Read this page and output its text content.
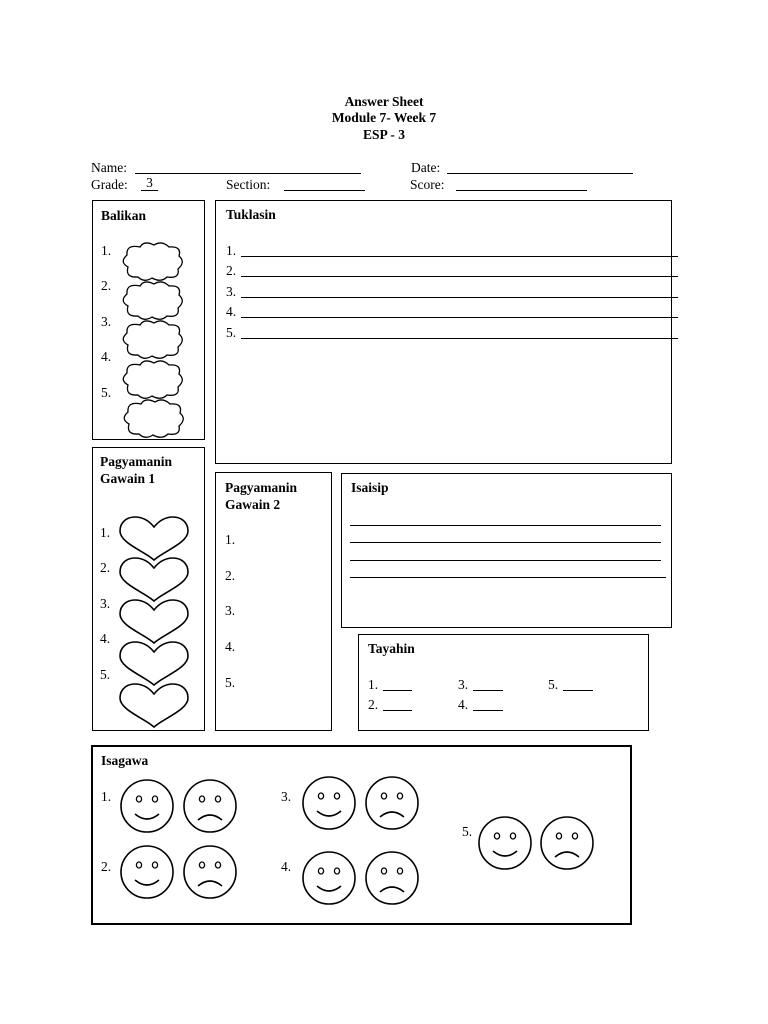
Answer Sheet
Module 7- Week 7
ESP - 3
Name:	Date:
Grade:	3	Section:	Score:
Balikan
1.
2.
3.
4.
5.
Tuklasin
1.
2.
3.
4.
5.
Pagyamanin
Gawain 1
1.
2.
3.
4.
5.
Pagyamanin
Gawain 2
1.
2.
3.
4.
5.
Isaisip
Tayahin
1.	3.	5.
2.	4.
Isagawa
1.
2.
3.
4.
5.
